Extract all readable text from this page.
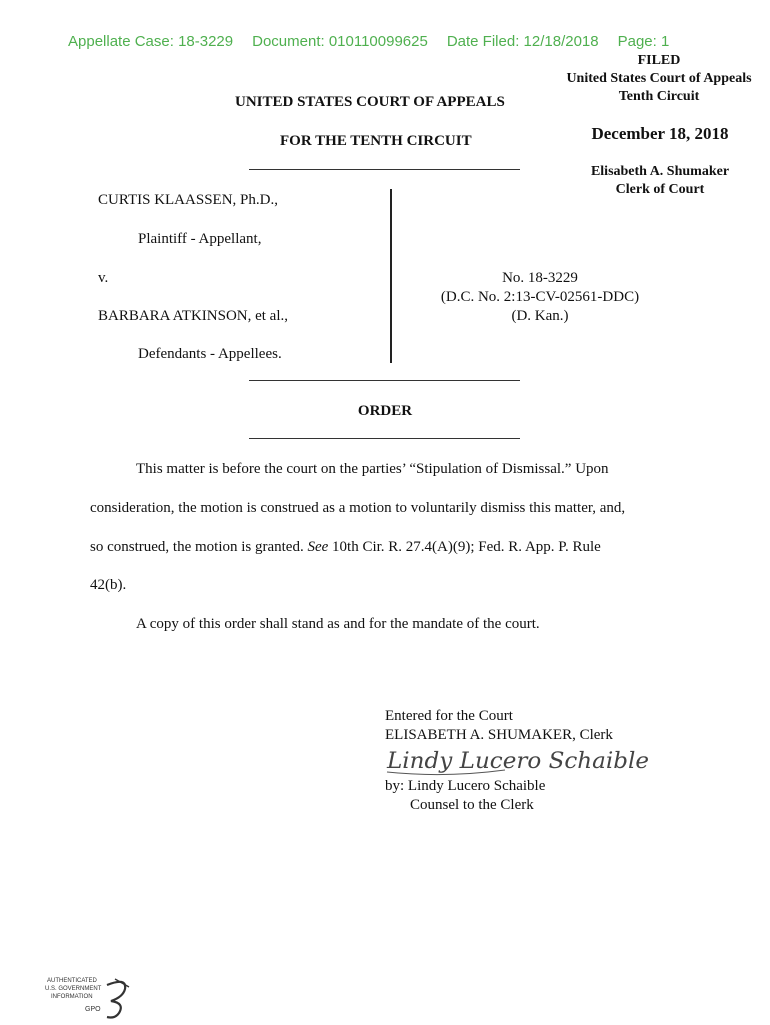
Appellate Case: 18-3229 Document: 010110099625 Date Filed: 12/18/2018 Page: 1
FILED
United States Court of Appeals
Tenth Circuit
December 18, 2018
Elisabeth A. Shumaker
Clerk of Court
UNITED STATES COURT OF APPEALS
FOR THE TENTH CIRCUIT
CURTIS KLAASSEN, Ph.D.,
Plaintiff - Appellant,
v.
BARBARA ATKINSON, et al.,
Defendants - Appellees.
No. 18-3229
(D.C. No. 2:13-CV-02561-DDC)
(D. Kan.)
ORDER
This matter is before the court on the parties’ “Stipulation of Dismissal.” Upon
consideration, the motion is construed as a motion to voluntarily dismiss this matter, and,
so construed, the motion is granted. See 10th Cir. R. 27.4(A)(9); Fed. R. App. P. Rule
42(b).
A copy of this order shall stand as and for the mandate of the court.
Entered for the Court
ELISABETH A. SHUMAKER, Clerk
Lindy Lucero Schaible
by: Lindy Lucero Schaible
Counsel to the Clerk
AUTHENTICATED
U.S. GOVERNMENT
INFORMATION
GPO
